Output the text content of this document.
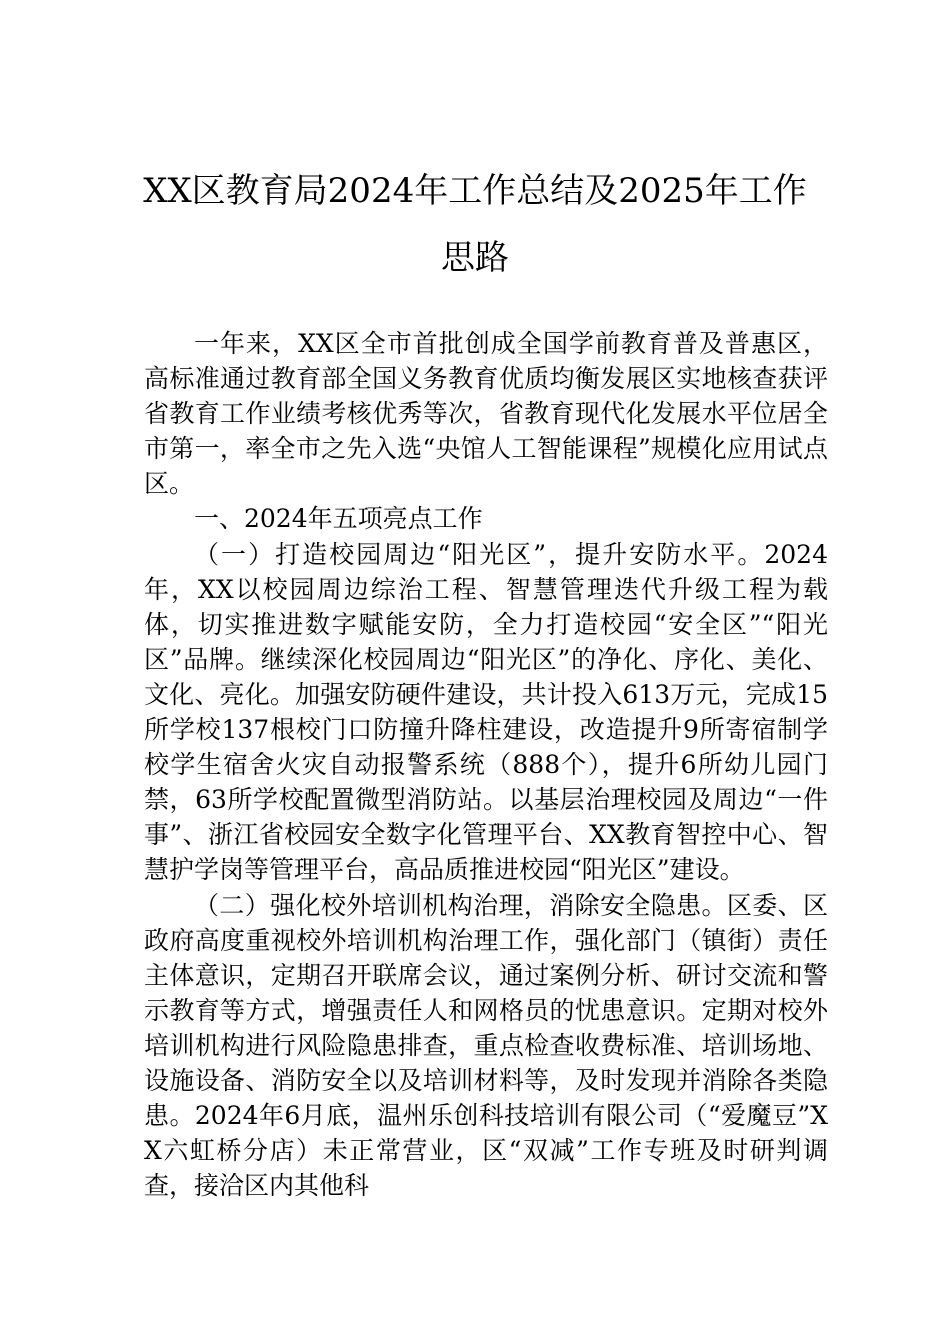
XX区教育局2024年工作总结及2025年工作思路

一年来，XX区全市首批创成全国学前教育普及普惠区，高标准通过教育部全国义务教育优质均衡发展区实地核查获评省教育工作业绩考核优秀等次，省教育现代化发展水平位居全市第一，率全市之先入选“央馆人工智能课程”规模化应用试点区。

一、2024年五项亮点工作

（一）打造校园周边“阳光区”，提升安防水平。2024年，XX以校园周边综治工程、智慧管理迭代升级工程为载体，切实推进数字赋能安防，全力打造校园“安全区”“阳光区”品牌。继续深化校园周边“阳光区”的净化、序化、美化、文化、亮化。加强安防硬件建设，共计投入613万元，完成15所学校137根校门口防撞升降柱建设，改造提升9所寄宿制学校学生宿舍火灾自动报警系统（888个），提升6所幼儿园门禁，63所学校配置微型消防站。以基层治理校园及周边“一件事”、浙江省校园安全数字化管理平台、XX教育智控中心、智慧护学岗等管理平台，高品质推进校园“阳光区”建设。

（二）强化校外培训机构治理，消除安全隐患。区委、区政府高度重视校外培训机构治理工作，强化部门（镇街）责任主体意识，定期召开联席会议，通过案例分析、研讨交流和警示教育等方式，增强责任人和网格员的忧患意识。定期对校外培训机构进行风险隐患排查，重点检查收费标准、培训场地、设施设备、消防安全以及培训材料等，及时发现并消除各类隐患。2024年6月底，温州乐创科技培训有限公司（“爱魔豆”XX六虹桥分店）未正常营业，区“双减”工作专班及时研判调查，接洽区内其他科
